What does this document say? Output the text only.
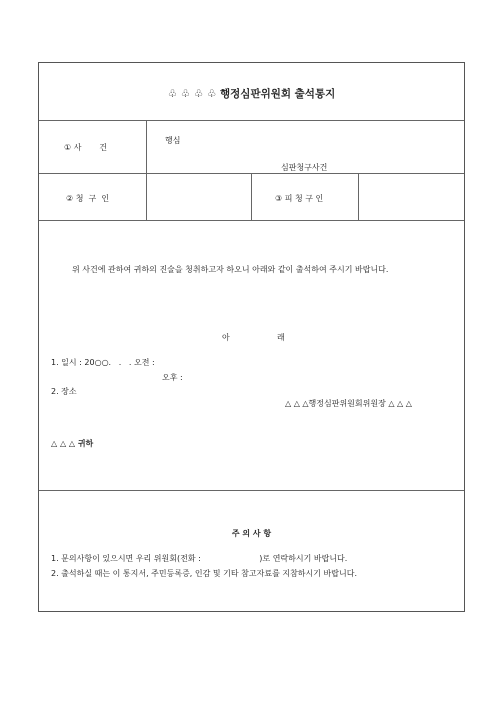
♧ ♧ ♧ ♧ 행정심판위원회 출석통지
① 사       건
행심
심판청구사건
② 청  구  인	③ 피 청 구 인
위 사건에 관하여 귀하의 진술을 청취하고자 하오니 아래와 같이 출석하여 주시기 바랍니다.
아	래
1. 일시 : 20○○.   .   . 오전 :
오후 :
2. 장소
△ △ △행정심판위원회위원장 △ △ △
△ △ △ 귀하
주 의 사 항
1. 문의사항이 있으시면 우리 위원회(전화 :                       )로 연락하시기 바랍니다.
2. 출석하실 때는 이 통지서, 주민등록증, 인감 및 기타 참고자료를 지참하시기 바랍니다.
